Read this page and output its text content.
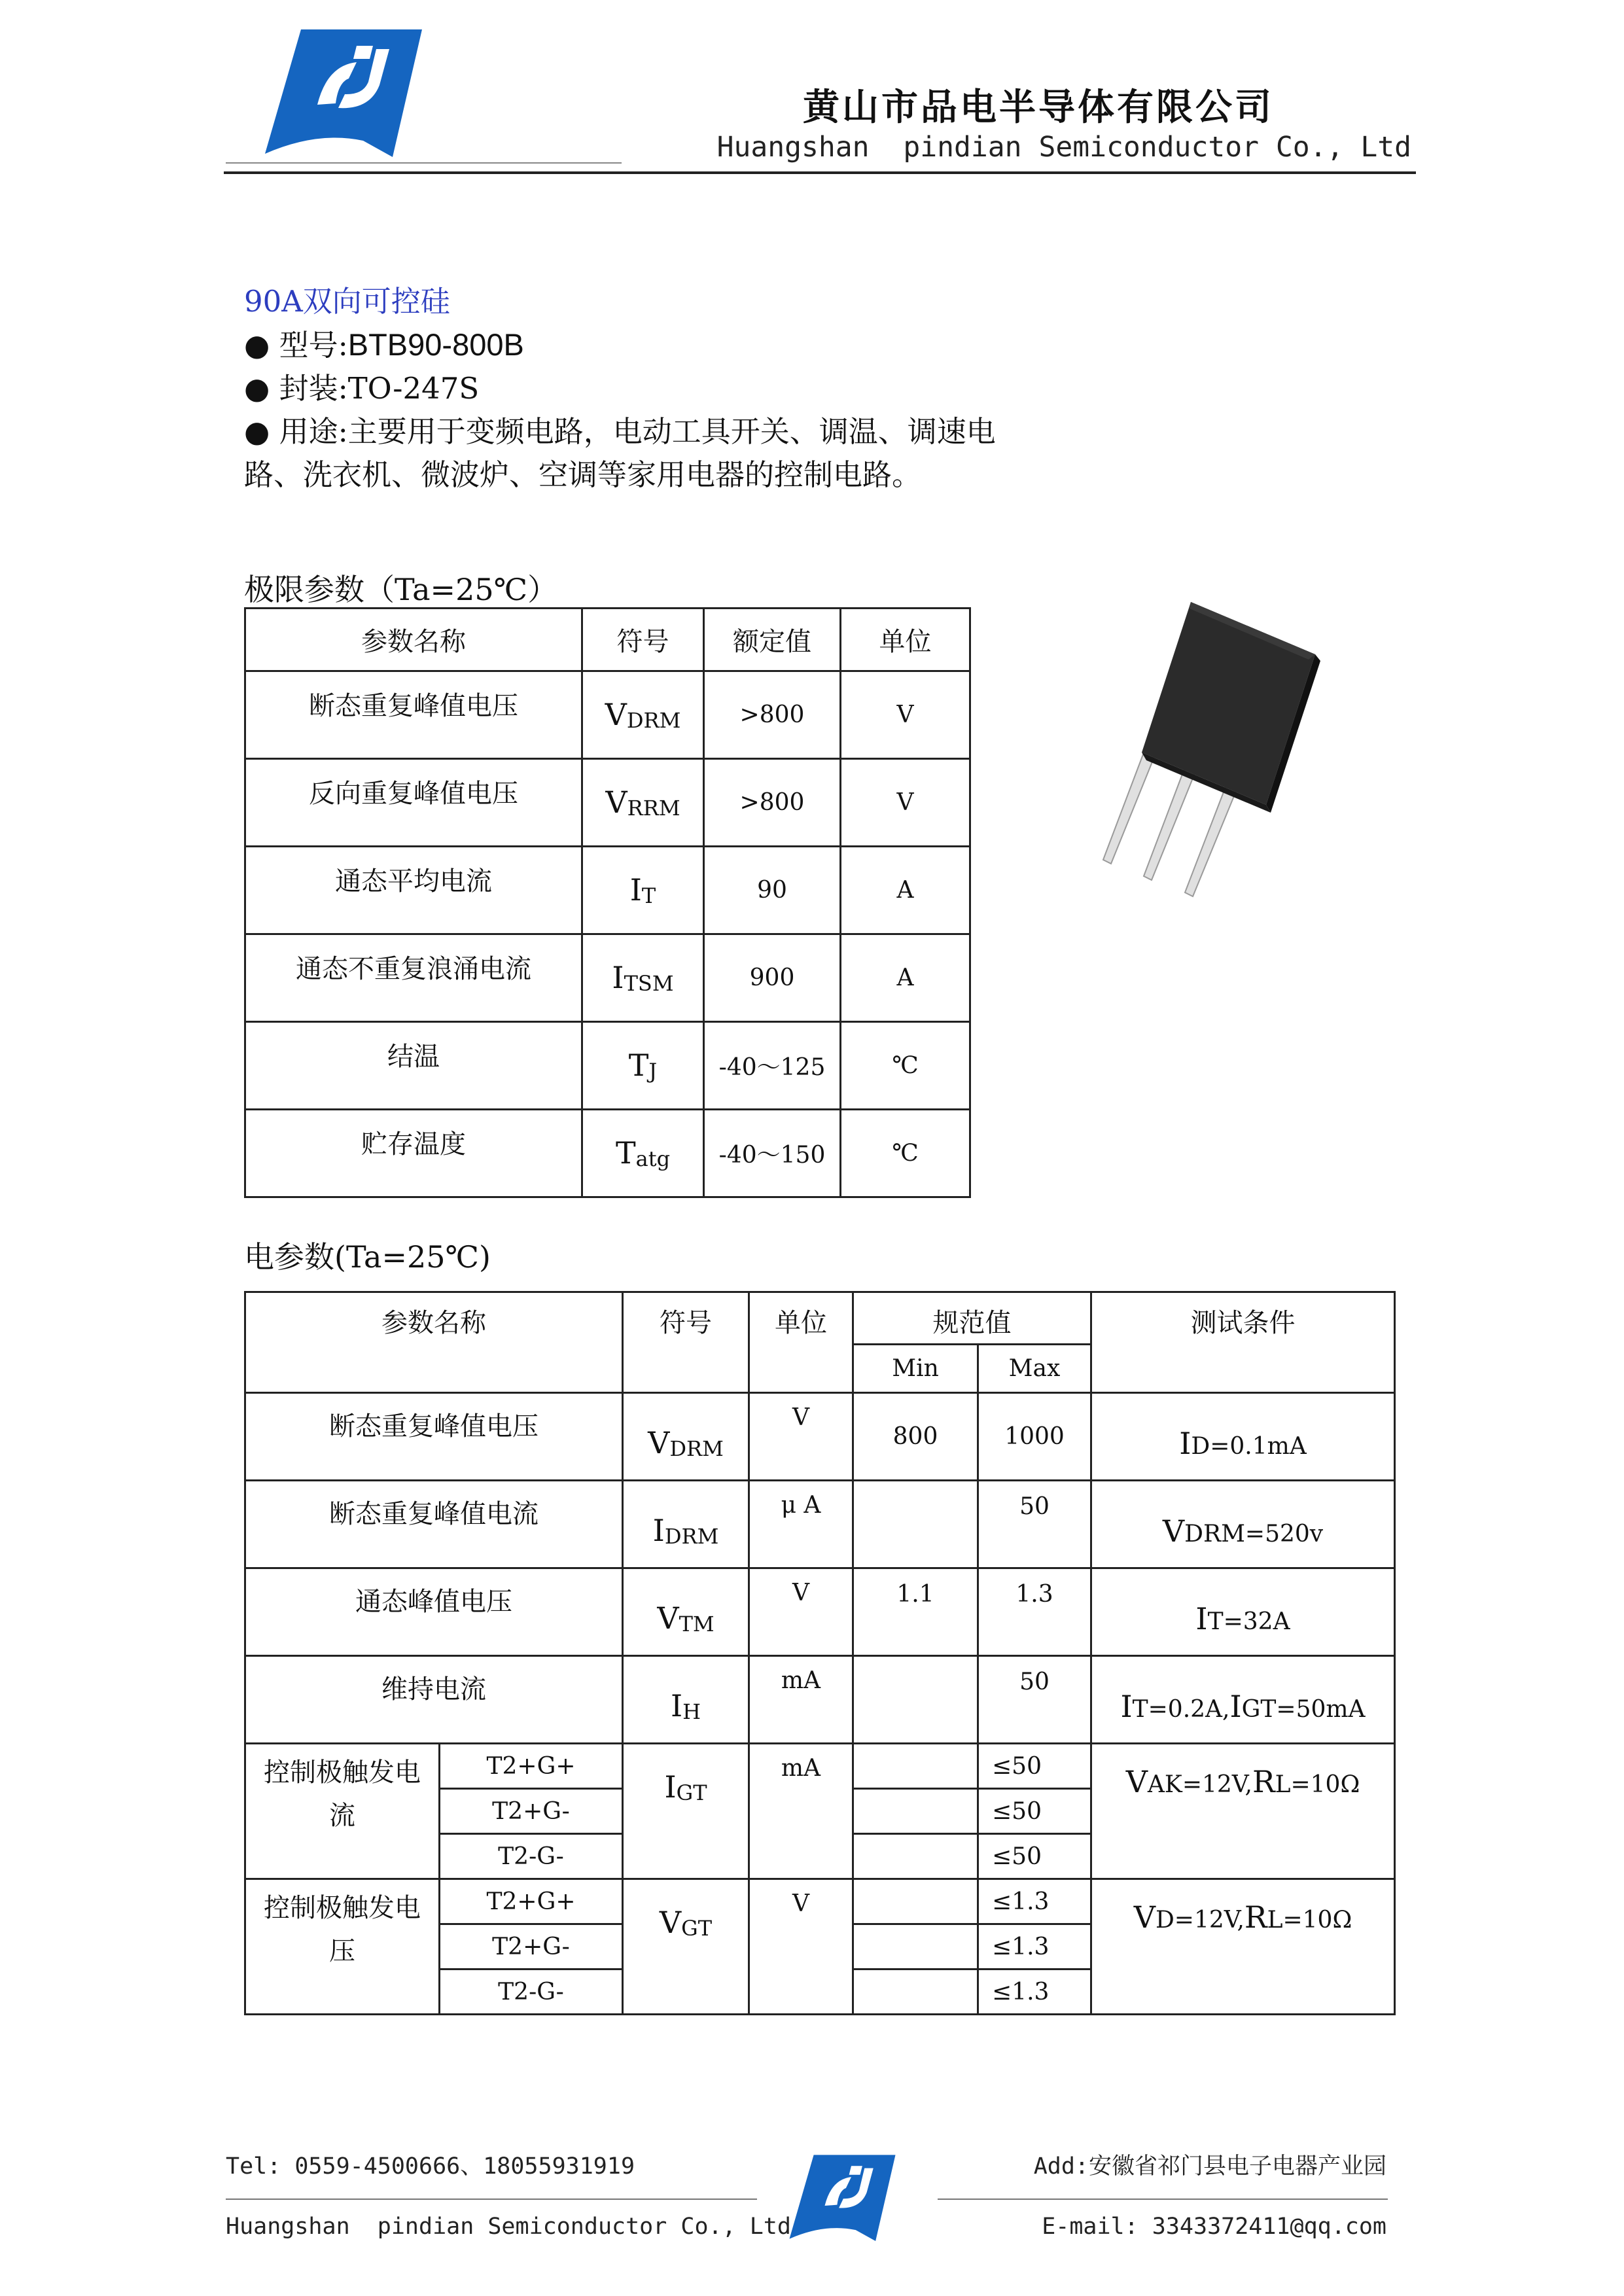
黄山市品电半导体有限公司
Huangshan  pindian Semiconductor Co., Ltd
90A双向可控硅
● 型号:BTB90-800B
● 封装:TO-247S
● 用途:主要用于变频电路，电动工具开关、调温、调速电
路、洗衣机、微波炉、空调等家用电器的控制电路。
极限参数（Ta=25℃）
参数名称	符号	额定值	单位
断态重复峰值电压	$V_{DRM}$	>800	V
反向重复峰值电压	$V_{RRM}$	>800	V
通态平均电流	$I_T$	90	A
通态不重复浪涌电流	$I_{TSM}$	900	A
结温	$T_J$	-40～125	℃
贮存温度	$T_{atg}$	-40～150	℃
电参数(Ta=25℃)
参数名称		符号	单位	规范值		测试条件
				Min	Max	
断态重复峰值电压		$V_{DRM}$	V	800	1000	ID=0.1mA
断态重复峰值电流		$I_{DRM}$	μ A		50	VDRM=520v
通态峰值电压		$V_{TM}$	V	1.1	1.3	IT=32A
维持电流		$I_H$	mA		50	IT=0.2A,IGT=50mA

控制极触发电
流	T2+G+	$I_{GT}$	mA		≤50	VAK=12V,RL=10Ω
	T2+G-				≤50	
	T2-G-				≤50	

控制极触发电
压	T2+G+	$V_{GT}$	V		≤1.3	VD=12V,RL=10Ω
	T2+G-				≤1.3	
	T2-G-				≤1.3	
Tel: 0559-4500666、18055931919	Add:安徽省祁门县电子电器产业园
Huangshan  pindian Semiconductor Co., Ltd	E-mail: 3343372411@qq.com
